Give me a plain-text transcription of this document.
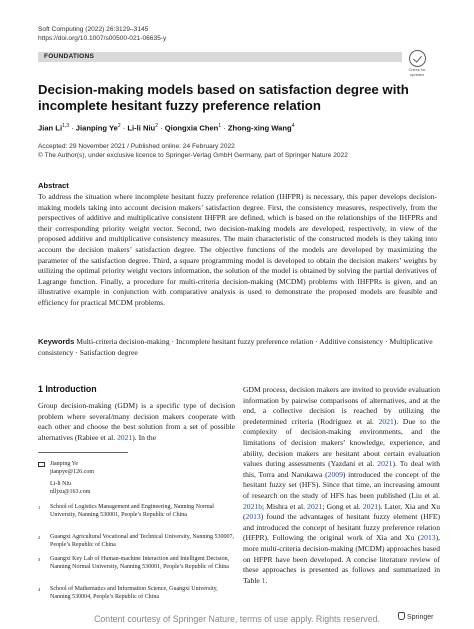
Soft Computing (2022) 26:3129–3145
https://doi.org/10.1007/s00500-021-06635-y
FOUNDATIONS
Check for
updates
Decision-making models based on satisfaction degree with incomplete hesitant fuzzy preference relation
Jian Li$^{1,3}$ · Jianping $Ye^2 \cdot Li-li$ Niu$^2$ · Qiongxia Chen$^1$ · Zhong-xing Wang$^4$
Accepted: 29 November 2021 / Published online: 24 February 2022
© The Author(s), under exclusive licence to Springer-Verlag GmbH Germany, part of Springer Nature 2022
Abstract
To address the situation where incomplete hesitant fuzzy preference relation (IHFPR) is necessary, this paper develops decision-making models taking into account decision makers’ satisfaction degree. First, the consistency measures, respectively, from the perspectives of additive and multiplicative consistent IHFPR are defined, which is based on the relationships of the IHFPRs and their corresponding priority weight vector. Second, two decision-making models are developed, respectively, in view of the proposed additive and multiplicative consistency measures. The main characteristic of the constructed models is they taking into account the decision makers’ satisfaction degree. The objective functions of the models are developed by maximizing the parameter of the satisfaction degree. Third, a square programming model is developed to obtain the decision makers’ weights by utilizing the optimal priority weight vectors information, the solution of the model is obtained by solving the partial derivatives of Lagrange function. Finally, a procedure for multi-criteria decision-making (MCDM) problems with IHFPRs is given, and an illustrative example in conjunction with comparative analysis is used to demonstrate the proposed models are feasible and efficiency for practical MCDM problems.
Keywords Multi-criteria decision-making · Incomplete hesitant fuzzy preference relation · Additive consistency · Multiplicative consistency · Satisfaction degree
1 Introduction
Group decision-making (GDM) is a specific type of decision problem where several/many decision makers cooperate with each other and choose the best solution from a set of possible alternatives (Rabiee et al. 2021). In the
Jianping Ye
jianpye@126.com
Li-li Niu
nlljxu@163.com
1 School of Logistics Management and Engineering, Nanning Normal University, Nanning 530001, People’s Republic of China
2 Guangxi Agricultural Vocational and Technical University, Nanning 530007, People’s Republic of China
3 Guangxi Key Lab of Human-machine Interaction and Intelligent Decision, Nanning Normal University, Nanning 530001, People’s Republic of China
4 School of Mathematics and Information Science, Guangxi University, Nanning 530004, People’s Republic of China
GDM process, decision makers are invited to provide evaluation information by pairwise comparisons of alternatives, and at the end, a collective decision is reached by utilizing the predetermined criteria (Rodríguez et al. 2021). Due to the complexity of decision-making environments, and the limitations of decision makers’ knowledge, experience, and ability, decision makers are hesitant about certain evaluation values during assessments (Yazdani et al. 2021). To deal with this, Torra and Narukawa (2009) introduced the concept of the hesitant fuzzy set (HFS). Since that time, an increasing amount of research on the study of HFS has been published (Liu et al. 2021b; Mishra et al. 2021; Gong et al. 2021). Later, Xia and Xu (2013) found the advantages of hesitant fuzzy element (HFE) and introduced the concept of hesitant fuzzy preference relation (HFPR). Following the original work of Xia and Xu (2013), more multi-criteria decision-making (MCDM) approaches based on HFPR have been developed. A concise literature review of these approaches is presented as follows and summarized in Table 1.
Content courtesy of Springer Nature, terms of use apply. Rights reserved.	Springer
